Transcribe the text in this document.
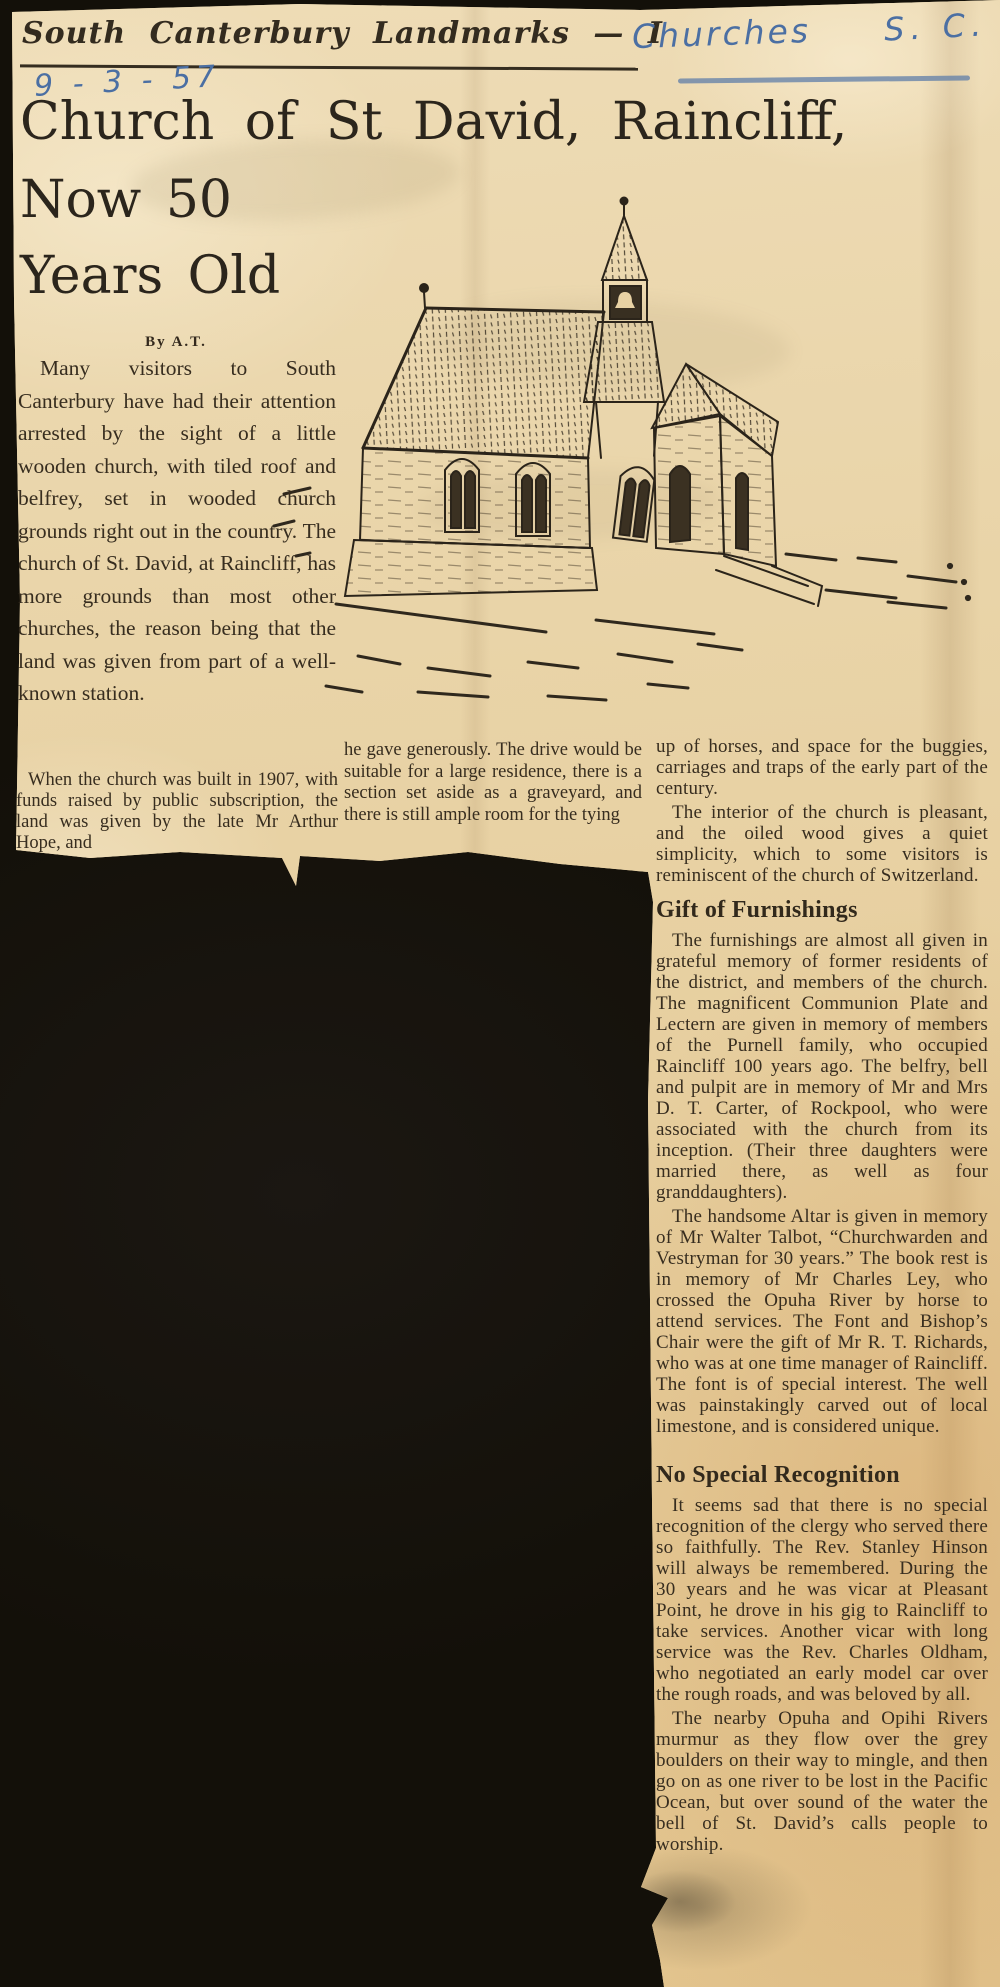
South Canterbury Landmarks — I
Churches S. C.
9 - 3 - 57
Church of St David, Raincliff,
Now 50
Years Old
By A.T.
Many visitors to South Canterbury have had their attention arrested by the sight of a little wooden church, with tiled roof and belfrey, set in wooded church grounds right out in the country. The church of St. David, at Raincliff, has more grounds than most other churches, the reason being that the land was given from part of a well-known station.
When the church was built in 1907, with funds raised by public subscription, the land was given by the late Mr Arthur Hope, and
he gave generously. The drive would be suitable for a large residence, there is a section set aside as a graveyard, and there is still ample room for the tying

up of horses, and space for the buggies, carriages and traps of the early part of the century.

The interior of the church is pleasant, and the oiled wood gives a quiet simplicity, which to some visitors is reminiscent of the church of Switzerland.

Gift of Furnishings

The furnishings are almost all given in grateful memory of former residents of the district, and members of the church. The magnificent Communion Plate and Lectern are given in memory of members of the Purnell family, who occupied Raincliff 100 years ago. The belfry, bell and pulpit are in memory of Mr and Mrs D. T. Carter, of Rockpool, who were associated with the church from its inception. (Their three daughters were married there, as well as four granddaughters).

The handsome Altar is given in memory of Mr Walter Talbot, “Churchwarden and Vestryman for 30 years.” The book rest is in memory of Mr Charles Ley, who crossed the Opuha River by horse to attend services. The Font and Bishop’s Chair were the gift of Mr R. T. Richards, who was at one time manager of Raincliff. The font is of special interest. The well was painstakingly carved out of local limestone, and is considered unique.

No Special Recognition

It seems sad that there is no special recognition of the clergy who served there so faithfully. The Rev. Stanley Hinson will always be remembered. During the 30 years and he was vicar at Pleasant Point, he drove in his gig to Raincliff to take services. Another vicar with long service was the Rev. Charles Oldham, who negotiated an early model car over the rough roads, and was beloved by all.

The nearby Opuha and Opihi Rivers murmur as they flow over the grey boulders on their way to mingle, and then go on as one river to be lost in the Pacific Ocean, but over sound of the water the bell of St. David’s calls people to worship.
